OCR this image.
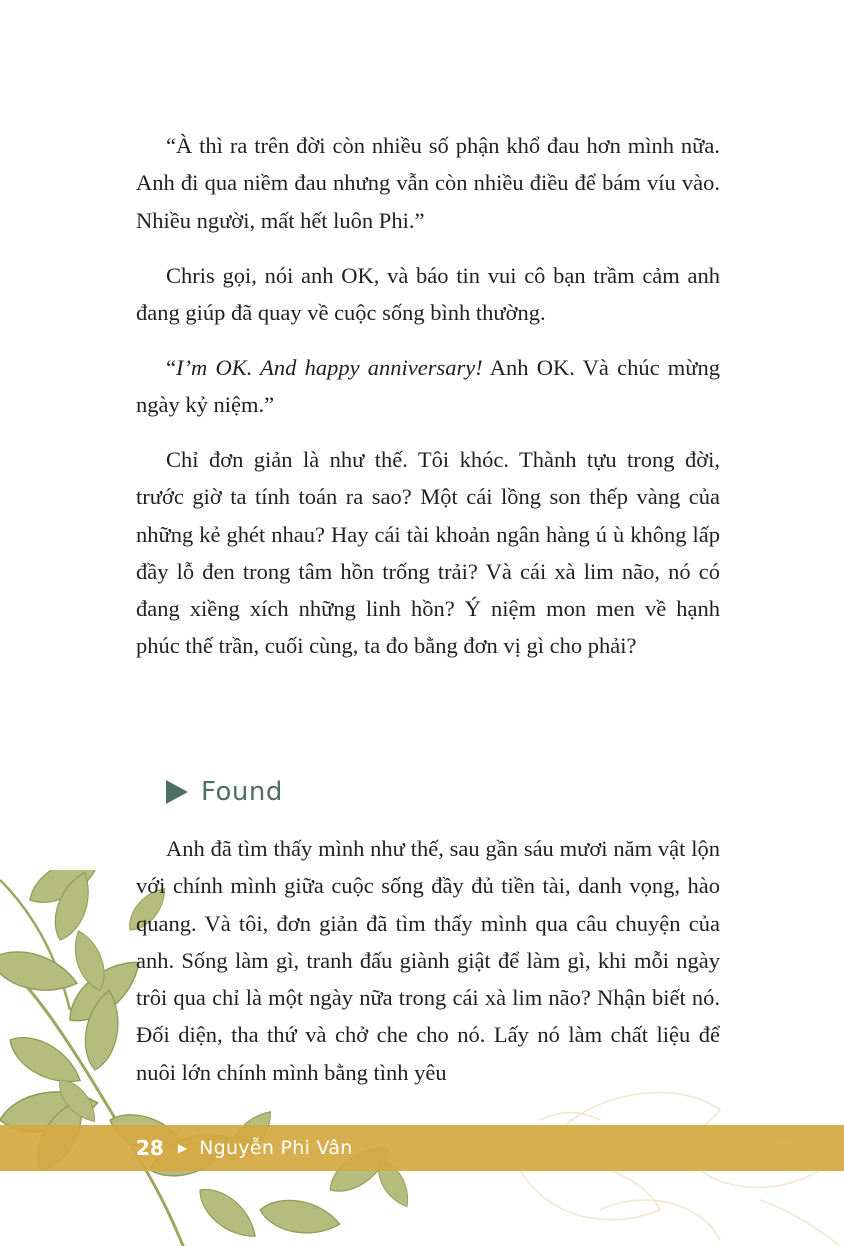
“À thì ra trên đời còn nhiều số phận khổ đau hơn mình nữa. Anh đi qua niềm đau nhưng vẫn còn nhiều điều để bám víu vào. Nhiều người, mất hết luôn Phi.”

Chris gọi, nói anh OK, và báo tin vui cô bạn trầm cảm anh đang giúp đã quay về cuộc sống bình thường.

“I’m OK. And happy anniversary! Anh OK. Và chúc mừng ngày kỷ niệm.”

Chỉ đơn giản là như thế. Tôi khóc. Thành tựu trong đời, trước giờ ta tính toán ra sao? Một cái lồng son thếp vàng của những kẻ ghét nhau? Hay cái tài khoản ngân hàng ú ù không lấp đầy lỗ đen trong tâm hồn trống trải? Và cái xà lim não, nó có đang xiềng xích những linh hồn? Ý niệm mon men về hạnh phúc thế trần, cuối cùng, ta đo bằng đơn vị gì cho phải?

Found

Anh đã tìm thấy mình như thế, sau gần sáu mươi năm vật lộn với chính mình giữa cuộc sống đầy đủ tiền tài, danh vọng, hào quang. Và tôi, đơn giản đã tìm thấy mình qua câu chuyện của anh. Sống làm gì, tranh đấu giành giật để làm gì, khi mỗi ngày trôi qua chỉ là một ngày nữa trong cái xà lim não? Nhận biết nó. Đối diện, tha thứ và chở che cho nó. Lấy nó làm chất liệu để nuôi lớn chính mình bằng tình yêu

28 ▶ Nguyễn Phi Vân
